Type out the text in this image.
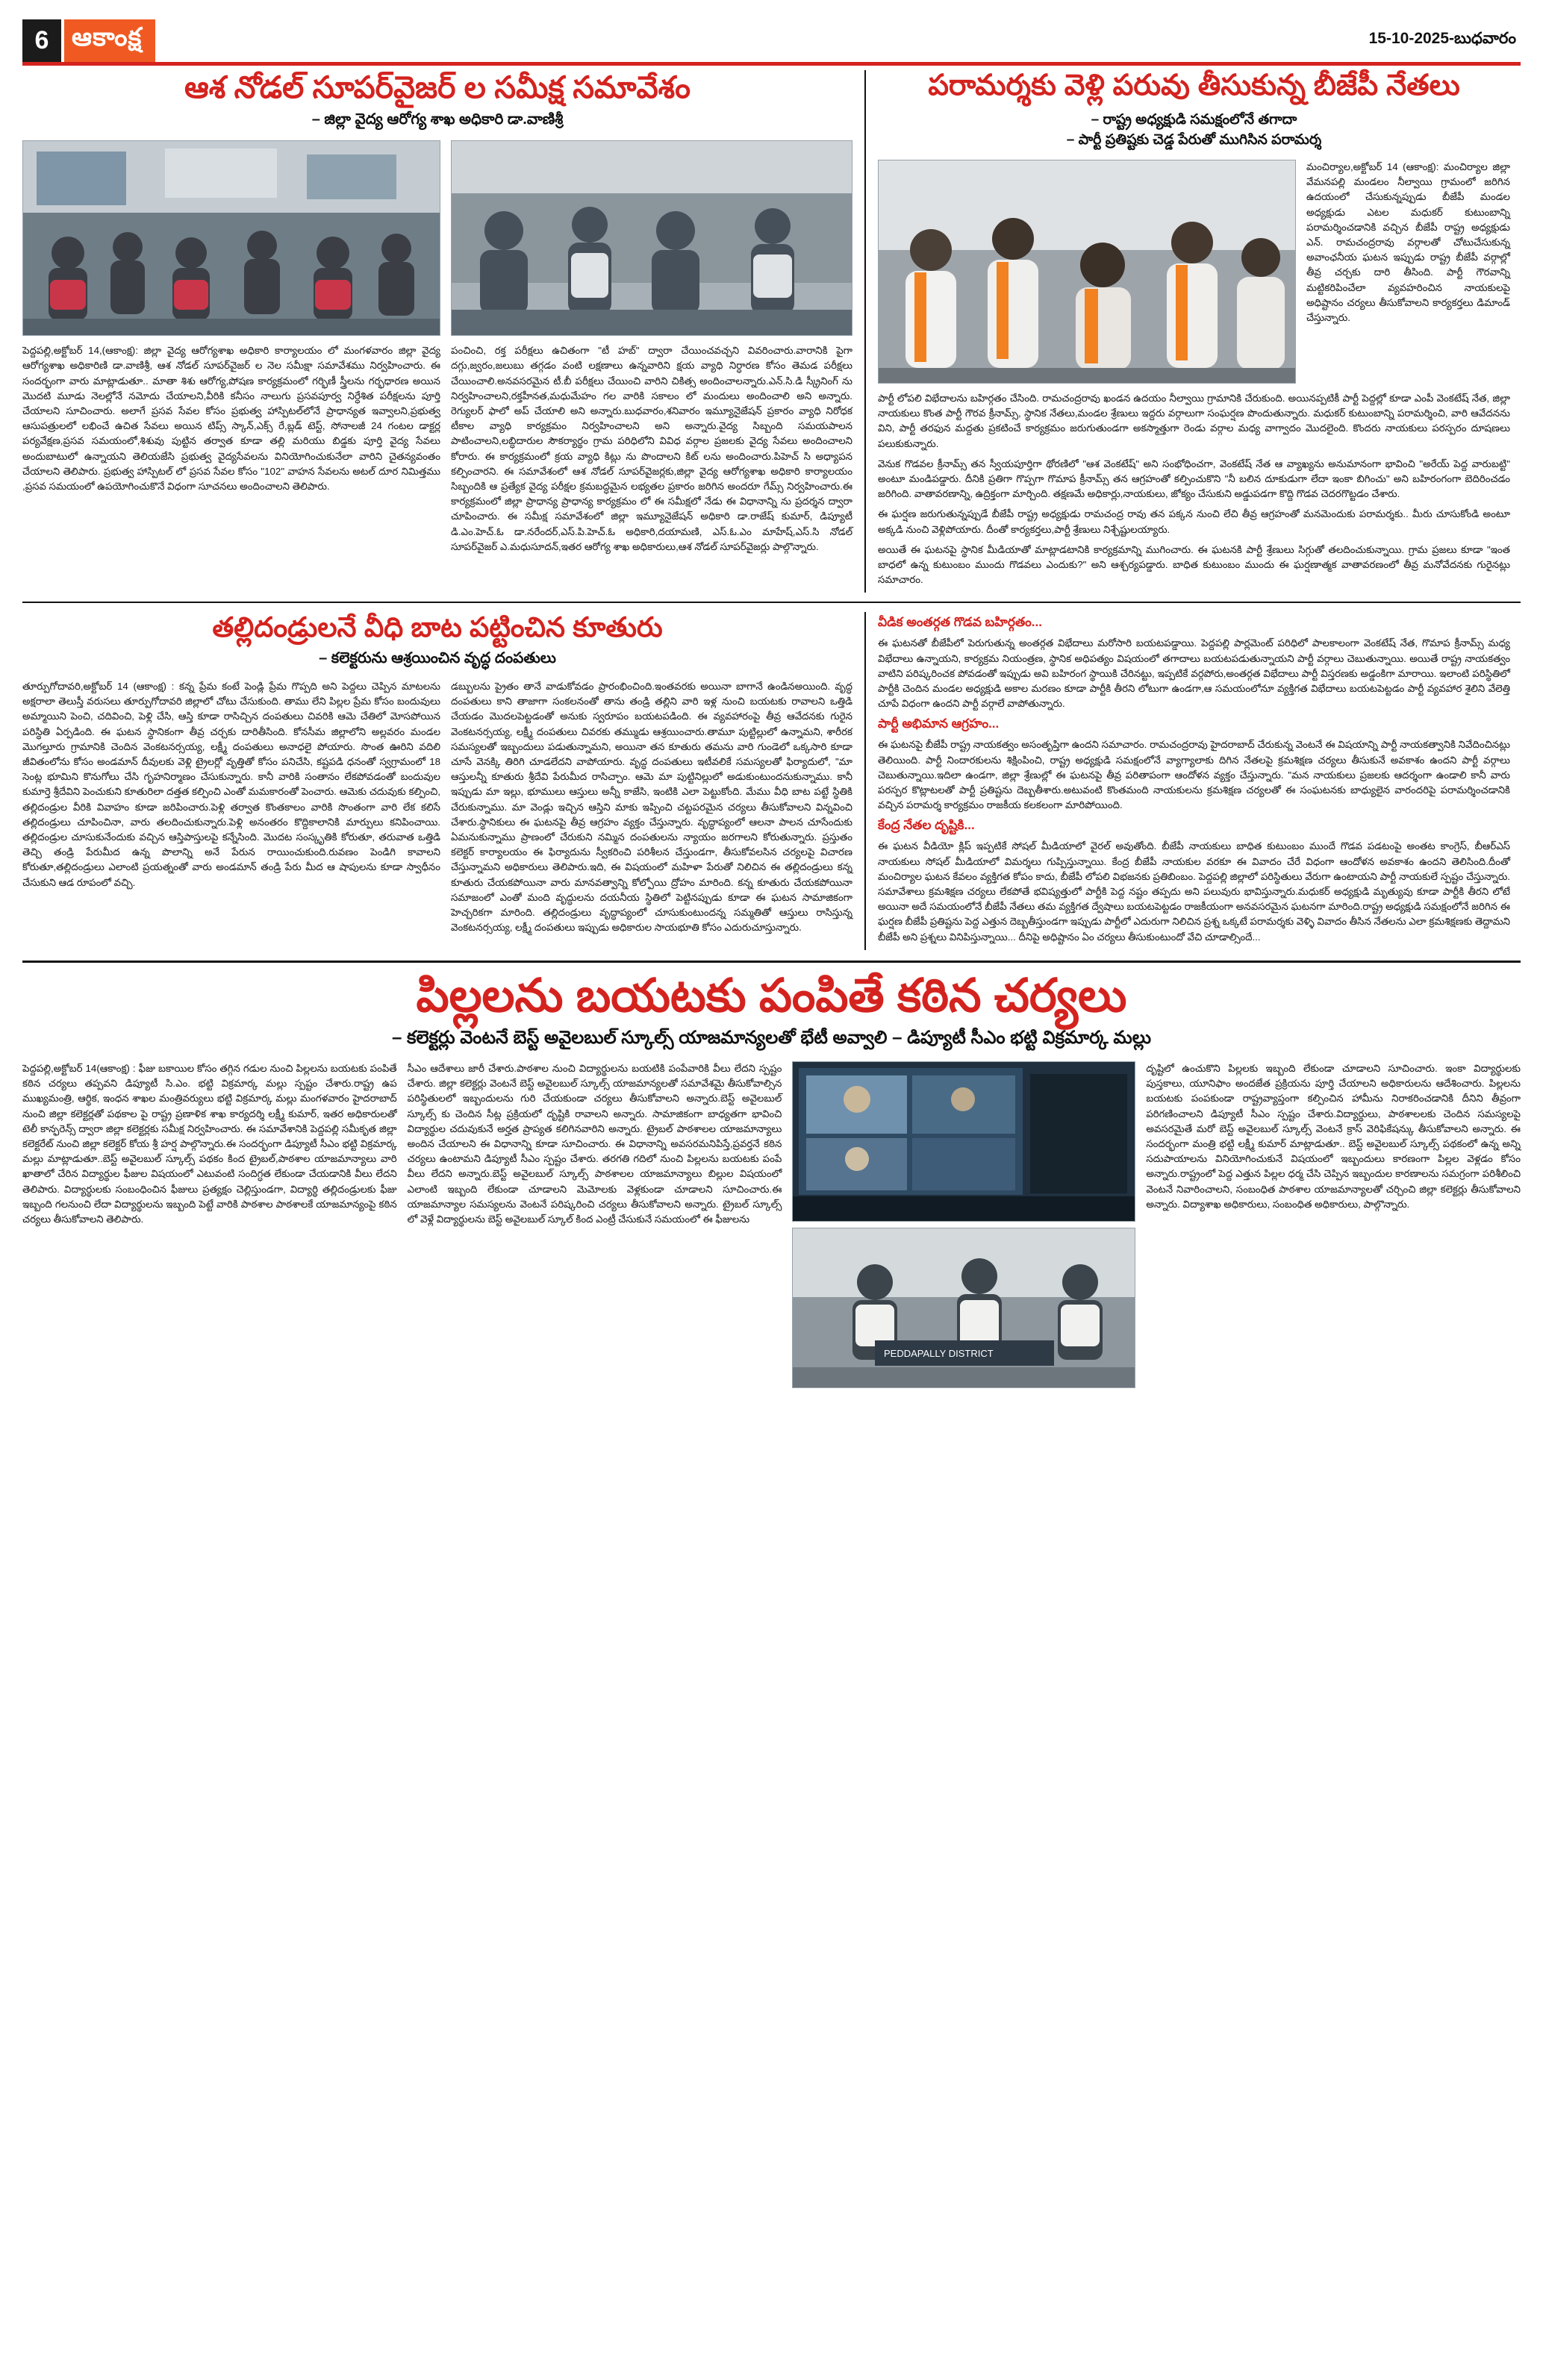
6 ఆకాంక్ష	15-10-2025-బుధవారం
ఆశ నోడల్ సూపర్‌వైజర్ ల సమీక్ష సమావేశం
– జిల్లా వైద్య ఆరోగ్య శాఖ అధికారి డా.వాణిశ్రీ

పెద్దపల్లి,అక్టోబర్ 14,(ఆకాంక్ష): జిల్లా వైద్య ఆరోగ్యశాఖ అధికారి కార్యాలయం లో మంగళవారం జిల్లా వైద్య ఆరోగ్యశాఖ అధికారిణి డా.వాణిశ్రీ, ఆశ నోడల్ సూపర్‌వైజర్ ల నెల సమీక్షా సమావేశము నిర్వహించారు. ఈ సందర్భంగా వారు మాట్లాడుతూ.. మాతా శిశు ఆరోగ్య,పోషణ కార్యక్రమంలో గర్భిణీ స్త్రీలను గర్భధారణ అయిన మొదటి మూడు నెలల్లోనే నమోదు చేయాలని,వీరికి కనీసం నాలుగు ప్రసవపూర్వ నిర్ధేశిత పరీక్షలను పూర్తి చేయాలని సూచించారు. అలాగే ప్రసవ సేవల కోసం ప్రభుత్వ హాస్పిటల్‌లోనే ప్రాధాన్యత ఇవ్వాలని,ప్రభుత్వ ఆసుపత్రులలో లభించే ఉచిత సేవలు అయిన టిప్స్ స్కాన్,ఎక్స్ రే,బ్లడ్ టెస్ట్, సోనాలజీ 24 గంటల డాక్టర్ల పర్యవేక్షణ,ప్రసవ సమయంలో,శిశువు పుట్టిన తర్వాత కూడా తల్లి మరియు బిడ్డకు పూర్తి వైద్య సేవలు అందుబాటులో ఉన్నాయని తెలియజేసి ప్రభుత్వ వైద్యసేవలను వినియోగించుకునేలా వారిని చైతన్యవంతం చేయాలని తెలిపారు. ప్రభుత్వ హాస్పిటల్ లో ప్రసవ సేవల కోసం "102" వాహన సేవలను అటల్ దూర నిమిత్తము ,ప్రసవ సమయంలో ఉపయోగించుకొనే విధంగా సూచనలు అందించాలని తెలిపారు.

పంచించి, రక్త పరీక్షలు ఉచితంగా "టీ హబ్" ద్వారా చేయించవచ్చని వివరించారు.వారానికి పైగా దగ్గు,జ్వరం,జలుబు తగ్గడం వంటి లక్షణాలు ఉన్నవారిని క్షయ వ్యాధి నిర్ధారణ కోసం తెమడ పరీక్షలు చేయించాలి.అనవసరమైన టీ.బీ పరీక్షలు చేయించి వారిని చికిత్స అందించాలన్నారు.ఎన్.సి.డి స్క్రీనింగ్ ను నిర్వహించాలని,రక్తహీనత,మధుమేహం గల వారికి సకాలం లో మందులు అందించాలి అని అన్నారు. రెగ్యులర్ ఫాలో అప్ చేయాలి అని అన్నారు.బుధవారం,శనివారం ఇమ్యూనైజేషన్ ప్రకారం వ్యాధి నిరోధక టీకాల వ్యాధి కార్యక్రమం నిర్వహించాలని అని అన్నారు.వైద్య సిబ్బంది సమయపాలన పాటించాలని,లబ్ధిదారుల సౌకర్యార్థం గ్రామ పరిధిలోని వివిధ వర్గాల ప్రజలకు వైద్య సేవలు అందించాలని కోరారు. ఈ కార్యక్రమంలో క్రయ వ్యాధి కిట్లు ను పొందాలని కిట్ లను అందించారు.పిహెచ్ సి అధ్యాపన కల్పించారని. ఈ సమావేశంలో ఆశ నోడల్ సూపర్‌వైజర్లకు,జిల్లా వైద్య ఆరోగ్యశాఖ అధికారి కార్యాలయం సిబ్బందికి ఆ ప్రత్యేక వైద్య పరీక్షల క్రమబద్ధమైన లభ్యతల ప్రకారం జరిగిన అందరూ గేమ్స్ నిర్వహించారు.ఈ కార్యక్రమంలో జిల్లా ప్రాధాన్య ప్రాధాన్య కార్యక్రమం లో ఈ సమీక్షలో నేడు ఈ విధానాన్ని ను ప్రదర్శన ద్వారా చూపించారు. ఈ సమీక్ష సమావేశంలో జిల్లా ఇమ్యూనైజేషన్ అధికారి డా.రాజేష్ కుమార్, డిప్యూటీ డి.ఎం.హెచ్.ఓ డా.నరేందర్,ఎస్.పి.హెచ్.ఓ అధికారి,దయామణి, ఎస్.ఓ.ఎం మాహేష్,ఎస్.సి నోడల్ సూపర్‌వైజర్ ఎ.మధుసూదన్,ఇతర ఆరోగ్య శాఖ అధికారులు,ఆశ నోడల్ సూపర్‌వైజర్లు పాల్గొన్నారు.

పరామర్శకు వెళ్లి పరువు తీసుకున్న బీజేపీ నేతలు
– రాష్ట్ర అధ్యక్షుడి సమక్షంలోనే తగాదా
– పార్టీ ప్రతిష్టకు చెడ్డ పేరుతో ముగిసిన పరామర్శ

మంచిర్యాల,అక్టోబర్ 14 (ఆకాంక్ష): మంచిర్యాల జిల్లా వేమనపల్లి మండలం నీల్వాయి గ్రామంలో జరిగిన ఉదయంలో చేసుకున్నప్పుడు బీజేపీ మండల అధ్యక్షుడు ఎటల మధుకర్ కుటుంబాన్ని పరామర్శించడానికి వచ్చిన బీజేపీ రాష్ట్ర అధ్యక్షుడు ఎన్. రామచంద్రరావు వర్గాలతో చోటుచేసుకున్న అవాంఛనీయ ఘటన ఇప్పుడు రాష్ట్ర బీజేపీ వర్గాల్లో తీవ్ర చర్చకు దారి తీసింది. పార్టీ గౌరవాన్ని మట్టికరిపించేలా వ్యవహరించిన నాయకులపై అధిష్టానం చర్యలు తీసుకోవాలని కార్యకర్తలు డిమాండ్ చేస్తున్నారు.

పార్టీ లోపలి విభేదాలను బహిర్గతం చేసింది. రామచంద్రరావు ఖండన ఉదయం నీల్వాయి గ్రామానికి చేరుకుంది. అయినప్పటికీ పార్టీ పెద్దల్లో కూడా ఎంపీ వెంకటేష్ నేత, జిల్లా నాయకులు కొంత పార్టీ గౌరవ క్రీనామ్స్, స్థానిక నేతలు,మండల శ్రేణులు ఇద్దరు వర్గాలుగా సంఘర్షణ పొందుతున్నారు. మధుకర్ కుటుంబాన్ని పరామర్శించి, వారి ఆవేదనను విని, పార్టీ తరఫున మద్దతు ప్రకటించే కార్యక్రమం జరుగుతుండగా అకస్మాత్తుగా రెండు వర్గాల మధ్య వాగ్వాదం మొదలైంది. కొందరు నాయకులు పరస్పరం దూషణలు పలుకుకున్నారు.

వెనుక గొడవల క్రీనామ్స్ తన స్వీయపూర్తిగా థోరణిలో "ఆశ వెంకటేష్" అని సంభోధించగా, వెంకటేష్ నేత ఆ వ్యాఖ్యను అనుమానంగా భావించి "అరేయ్ పెద్ద వారుబట్టి" అంటూ మండిపడ్డారు. దీనికి ప్రతిగా గొప్పగా గొమాప క్రీనామ్స్ తన ఆగ్రహంతో కల్పించుకొని "నీ బలిన దూకుడుగా లేదా ఇంకా బిగించు" అని బహిరంగంగా బెదిరించడం జరిగింది. వాతావరణాన్ని, ఉద్రిక్తంగా మార్చింది. తక్షణమే అధికార్లు,నాయకులు, జోక్యం చేసుకుని అడ్డుపడగా కొద్ది గొడవ చెదరగొట్టడం చేశారు.

ఈ ఘర్షణ జరుగుతున్నప్పుడే బీజేపీ రాష్ట్ర అధ్యక్షుడు రామచంద్ర రావు తన పక్కన నుంచి లేచి తీవ్ర ఆగ్రహంతో మనమెందుకు పరామర్శకు.. మీరు చూసుకోండి అంటూ అక్కడి నుంచి వెళ్లిపోయారు. దీంతో కార్యకర్తలు,పార్టీ శ్రేణులు నిశ్చేష్టులయ్యారు.

అయితే ఈ ఘటనపై స్థానిక మీడియాతో మాట్లాడటానికి కార్యక్రమాన్ని ముగించారు. ఈ ఘటనకి పార్టీ శ్రేణులు సిగ్గుతో తలదించుకున్నాయి. గ్రామ ప్రజలు కూడా "ఇంత బాధలో ఉన్న కుటుంబం ముందు గొడవలు ఎందుకు?" అని ఆశ్చర్యపడ్డారు. బాధిత కుటుంబం ముందు ఈ ఘర్షణాత్మక వాతావరణంలో తీవ్ర మనోవేదనకు గురైనట్లు సమాచారం.

తల్లిదండ్రులనే వీధి బాట పట్టించిన కూతురు
– కలెక్టరును ఆశ్రయించిన వృద్ధ దంపతులు

తూర్పుగోదావరి,అక్టోబర్ 14 (ఆకాంక్ష) : కన్న ప్రేమ కంటే పెండ్లి ప్రేమ గొప్పది అని పెద్దలు చెప్పిన మాటలను అక్షరాలా తెలుస్తీ వరుసలు తూర్పుగోదావరి జిల్లాలో చోటు చేసుకుంది. తాము లేని పిల్లల ప్రేమ కోసం బందువులు అమ్మాయిని పెంచి, చదివించి, పెళ్లి చేసి, ఆస్తి కూడా రాసిచ్చిన దంపతులు చివరికి ఆమె చేతిలో మోసపోయిన పరిస్థితి ఏర్పడింది. ఈ ఘటన స్థానికంగా తీవ్ర చర్చకు దారితీసింది. కోనసీమ జిల్లాలోని అల్లవరం మండల మొగల్తూరు గ్రామానికి చెందిన వెంకటనర్సయ్య, లక్ష్మీ దంపతులు అనాధలై పోయారు. సొంత ఊరిని వదిలి జీవితంలోను కోసం అండమాన్ దీవులకు వెళ్లి ట్రైలర్లో వృత్తితో కోసం పనిచేసి, కష్టపడి ధనంతో స్వగ్రామంలో 18 సెంట్ల భూమిని కొనుగోలు చేసి గృహనిర్మాణం చేసుకున్నారు. కానీ వారికి సంతానం లేకపోవడంతో బందువుల కుమార్తె శ్రీదేవిని పెంచుకుని కూతురిలా దత్తత కల్పించి ఎంతో మమకారంతో పెంచారు. ఆమెకు చదువుకు కల్పించి, తల్లిదండ్రుల వీరికి వివాహం కూడా జరిపించారు.పెళ్లి తర్వాత కొంతకాలం వారికి సొంతంగా వారి లేక కలిసే తల్లిదండ్రులు చూపించినా, వారు తలదించుకున్నారు.పెళ్లి అనంతరం కొద్దికాలానికి మార్పులు కనిపించాయి. తల్లిదండ్రుల చూసుకునేందుకు వచ్చిన ఆస్తిపాస్తులపై కన్నేసింది. మొదట సంస్కృతికి కోరుతూ, తరువాత ఒత్తిడి తెచ్చి తండ్రి పేరుమీద ఉన్న పొలాన్ని అనే పేరున రాయించుకుంది.రువణం పెండిగి కావాలని కోరుతూ,తల్లిదండ్రులు ఎలాంటి ప్రయత్నంతో వారు అండమాన్ తండ్రి పేరు మీద ఆ షాపులను కూడా స్వాధీనం చేసుకుని ఆడ రూపంలో వచ్చి.

డబ్బులను ప్రైతం తానే వాడుకోవడం ప్రారంభించింది.ఇంతవరకు అయినా బాగానే ఉండినఅయింది. వృద్ధ దంపతులు కాని తాజాగా సంకలనంతో తాను తండ్రి తల్లిని వారి ఇళ్ల నుంచి బయటకు రావాలని ఒత్తిడి చేయడం మొదలపెట్టడంతో అనుకు స్వరూపం బయటపడింది. ఈ వ్యవహారంపై తీవ్ర ఆవేదనకు గురైన వెంకటనర్సయ్య, లక్ష్మీ దంపతులు చివరకు తమ్ముడు ఆశ్రయించారు.తామూ పుట్టిల్లులో ఉన్నామని, శారీరక సమస్యలతో ఇబ్బందులు పడుతున్నామని, అయినా తన కూతురు తమను వారి గుండెలో ఒక్కసారి కూడా చూసే వెనక్కి తిరిగి చూడలేదని వాపోయారు. వృద్ధ దంపతులు ఇటీవలికే సమస్యలతో ఫిర్యాదులో, "మా ఆస్తులన్నీ కూతురు శ్రీదేవి పేరుమీద రాసిచ్చాం. ఆమె మా పుట్టినిల్లులో అడుకుంటుందనుకున్నాము. కానీ ఇప్పుడు మా ఇల్లు, భూములు ఆస్తులు అన్నీ కాజేసి, ఇంటికి ఎలా పెట్టుకోంది. మేము వీధి బాట పట్టే స్థితికి చేరుకున్నాము. మా వెండ్లు ఇచ్చిన ఆస్తిని మాకు ఇప్పించి చట్టపరమైన చర్యలు తీసుకోవాలని విన్నవించి చేశారు.స్థానికులు ఈ ఘటనపై తీవ్ర ఆగ్రహం వ్యక్తం చేస్తున్నారు. వృద్ధాప్యంలో ఆలనా పాలన చూసేందుకు ఏమనుకున్నాము ప్రాణంలో చేరుకుని నమ్మిన దంపతులను న్యాయం జరగాలని కోరుతున్నారు. ప్రస్తుతం కలెక్టర్ కార్యాలయం ఈ ఫిర్యాదును స్వీకరించి పరిశీలన చేస్తుండగా, తీసుకోవలసిన చర్యలపై విచారణ చేస్తున్నామని అధికారులు తెలిపారు.ఇది, ఈ విషయంలో మహిళా పేరుతో నిలిచిన ఈ తల్లిదండ్రులు కన్న కూతురు చేయకపోయినా వారు మానవత్వాన్ని కోల్పోయి ద్రోహం మారింది. కన్న కూతురు చేయకపోయినా సమాజంలో ఎంతో మంది వృద్ధులను దయనీయ స్థితిలో పెట్టినప్పుడు కూడా ఈ ఘటన సామాజికంగా హెచ్చరికగా మారింది. తల్లిదండ్రులు వృద్ధాప్యంలో చూసుకుంటుందన్న సమ్మతితో ఆస్తులు రాసిస్తున్న వెంకటనర్సయ్య, లక్ష్మీ దంపతులు ఇప్పుడు అధికారుల సాయభూతి కోసం ఎదురుచూస్తున్నారు.

వీడిక అంతర్గత గొడవ బహిర్గతం...

ఈ ఘటనతో బీజేపీలో పెరుగుతున్న అంతర్గత విభేదాలు మరోసారి బయటపడ్డాయి. పెద్దపల్లి పార్లమెంట్ పరిధిలో పాలకాలంగా వెంకటేష్ నేత, గొమాప క్రీనామ్స్ మధ్య విభేదాలు ఉన్నాయని, కార్యక్రమ నియంత్రణ, స్థానిక అధిపత్యం విషయంలో తగాదాలు బయటపడుతున్నాయని పార్టీ వర్గాలు చెబుతున్నాయి. అయితే రాష్ట్ర నాయకత్వం వాటిని పరిష్కరించక పోవడంతో ఇప్పుడు అవి బహిరంగ స్థాయికి చేరినట్టు, ఇప్పటికే వర్గపోరు,అంతర్గత విభేదాలు పార్టీ విస్తరణకు అడ్డంకిగా మారాయి. ఇలాంటి పరిస్థితిలో పార్టీకి చెందిన మండల అధ్యక్షుడి అకాల మరణం కూడా పార్టీకి తీరని లోటుగా ఉండగా,ఆ సమయంలోనూ వ్యక్తిగత విభేదాలు బయటపెట్టడం పార్టీ వ్యవహార శైలిని వేలెత్తి చూపే విధంగా ఉందని పార్టీ వర్గాలే వాపోతున్నారు.

పార్టీ అభిమాన ఆగ్రహం...

ఈ ఘటనపై బీజేపీ రాష్ట్ర నాయకత్వం అసంతృప్తిగా ఉందని సమాచారం. రామచంద్రరావు హైదరాబాద్ చేరుకున్న వెంటనే ఈ విషయాన్ని పార్టీ నాయకత్వానికి నివేదించినట్లు తెలియింది. పార్టీ నిందారకులను శిక్షింపించి, రాష్ట్ర అధ్యక్షుడి సమక్షంలోనే వ్యాగ్యాలాకు దిగిన నేతలపై క్రమశిక్షణ చర్యలు తీసుకునే అవకాశం ఉందని పార్టీ వర్గాలు చెబుతున్నాయి.ఇదిలా ఉండగా, జిల్లా శ్రేణుల్లో ఈ ఘటనపై తీవ్ర పరితాపంగా ఆందోళన వ్యక్తం చేస్తున్నారు. "మన నాయకులు ప్రజలకు ఆదర్శంగా ఉండాలి కానీ వారు పరస్పర కొట్లాటలతో పార్టీ ప్రతిష్టను దెబ్బతీశారు.అటువంటి కొంతమంది నాయకులను క్రమశిక్షణ చర్యలతో ఈ సంఘటనకు బాధ్యులైన వారందరిపై పరామర్శించడానికి వచ్చిన పరామర్శ కార్యక్రమం రాజకీయ కలకలంగా మారిపోయింది.

కేంద్ర నేతల దృష్టికి...

ఈ ఘటన వీడియో క్లిప్ ఇప్పటికే సోషల్ మీడియాలో వైరల్ అవుతోంది. బీజేపీ నాయకులు బాధిత కుటుంబం ముందే గొడవ పడటంపై అంతట కాంగ్రెస్, బీఆర్ఎస్ నాయకులు సోషల్ మీడియాలో విమర్శలు గుప్పిస్తున్నాయి. కేంద్ర బీజేపీ నాయకుల వరకూ ఈ వివాదం చేరే విధంగా ఆందోళన అవకాశం ఉందని తెలిసింది.దీంతో మంచిర్యాల ఘటన కేవలం వ్యక్తిగత కోపం కాదు, బీజేపీ లోపలి విభజనకు ప్రతిబింబం. పెద్దపల్లి జిల్లాలో పరిస్థితులు వేరుగా ఉంటాయని పార్టీ నాయకులే స్పష్టం చేస్తున్నారు. సమావేశాలు క్రమశిక్షణ చర్యలు లేకపోతే భవిష్యత్తులో పార్టీకి పెద్ద నష్టం తప్పదు అని పలువురు భావిస్తున్నారు.మధుకర్ అధ్యక్షుడి మృత్యువు కూడా పార్టీకి తీరని లోటే అయినా అదే సమయంలోనే బీజేపీ నేతలు తమ వ్యక్తిగత ద్వేషాలు బయటపెట్టడం రాజకీయంగా అనవసరమైన ఘటనగా మారింది.రాష్ట్ర అధ్యక్షుడి సమక్షంలోనే జరిగిన ఈ ఘర్షణ బీజేపీ ప్రతిష్టను పెద్ద ఎత్తున దెబ్బతీస్తుండగా ఇప్పుడు పార్టీలో ఎదురుగా నిలిచిన ప్రశ్న ఒక్కటే పరామర్శకు వెళ్ళి వివాదం తీసిన నేతలను ఎలా క్రమశిక్షణకు తెద్దామని బీజేపీ అని ప్రశ్నలు వినిపిస్తున్నాయి... దీనిపై అధిష్టానం ఏం చర్యలు తీసుకుంటుందో వేచి చూడాల్సిందే...

పిల్లలను బయటకు పంపితే కఠిన చర్యలు
– కలెక్టర్లు వెంటనే బెస్ట్ అవైలబుల్ స్కూల్స్ యాజమాన్యలతో భేటీ అవ్వాలి – డిప్యూటీ సీఎం భట్టి విక్రమార్క మల్లు

పెద్దపల్లి,అక్టోబర్ 14(ఆకాంక్ష) : ఫీజు బకాయిల కోసం తగ్గిన గడుల నుంచి పిల్లలను బయటకు పంపితే కఠిన చర్యలు తప్పవని డిప్యూటీ సి.ఎం. భట్టి విక్రమార్క మల్లు స్పష్టం చేశారు.రాష్ట్ర ఉప ముఖ్యమంత్రి, ఆర్థిక, ఇంధన శాఖల మంత్రివర్యులు భట్టి విక్రమార్క మల్లు మంగళవారం హైదరాబాద్ నుంచి జిల్లా కలెక్టర్లతో పథకాల పై రాష్ట్ర ప్రణాళిక శాఖ కార్యదర్శి లక్ష్మీ కుమార్, ఇతర అధికారులతో టెలీ కాన్ఫరెన్స్ ద్వారా జిల్లా కలెక్టర్లకు సమీక్ష నిర్వహించారు. ఈ సమావేశానికి పెద్దపల్లి సమీకృత జిల్లా కలెక్టరేట్ నుంచి జిల్లా కలెక్టర్ కోయ శ్రీ హర్ష పాల్గొన్నారు.ఈ సందర్భంగా డిప్యూటీ సీఎం భట్టి విక్రమార్క మల్లు మాట్లాడుతూ..బెస్ట్ అవైలబుల్ స్కూల్స్ పథకం కింద ట్రైబల్,పాఠశాల యాజమాన్యాలు వారి ఖాతాలో చేరిన విద్యార్థుల ఫీజుల విషయంలో ఎటువంటి సందిగ్ధత లేకుండా చేయడానికి వీలు లేదని తెలిపారు. విద్యార్థులకు సంబంధించిన ఫీజులు ప్రత్యక్షం చెల్లిస్తుండగా, విద్యార్థి తల్లిదండ్రులకు ఫీజు ఇబ్బంది గలనుంచి లేదా విద్యార్థులను ఇబ్బంది పెట్టే వారికి పాఠశాల పాఠశాలకే యాజమాన్యంపై కఠిన చర్యలు తీసుకోవాలని తెలిపారు.

సీఎం ఆదేశాలు జారీ చేశారు.పాఠశాల నుంచి విద్యార్థులను బయటికి పంపేవారికి వీలు లేదని స్పష్టం చేశారు. జిల్లా కలెక్టర్లు వెంటనే బెస్ట్ అవైలబుల్ స్కూల్స్ యాజమాన్యలతో సమావేశమై తీసుకోవాల్సిన పరిస్థితులలో ఇబ్బందులను గురి చేయకుండా చర్యలు తీసుకోవాలని అన్నారు.బెస్ట్ అవైలబుల్ స్కూల్స్ కు చెందిన సీట్ల ప్రక్రియలో దృష్టికి రావాలని అన్నారు. సామాజికంగా బాధ్యతగా భావించి విద్యార్థుల చదువుకునే అర్హత ప్రాప్యత కలిగినవారిని అన్నారు. ట్రైబల్ పాఠశాలల యాజమాన్యాలు అందిన చేయాలని ఈ విధానాన్ని కూడా సూచించారు. ఈ విధానాన్ని అవసరమనిపిస్తే,ప్రవర్తనే కఠిన చర్యలు ఉంటామని డిప్యూటీ సీఎం స్పష్టం చేశారు. తరగతి గదిలో నుంచి పిల్లలను బయటకు పంపే వీలు లేదని అన్నారు.బెస్ట్ అవైలబుల్ స్కూల్స్ పాఠశాలల యాజమాన్యాలు బిల్లుల విషయంలో ఎలాంటి ఇబ్బంది లేకుండా చూడాలని మెమోలకు వెళ్లకుండా చూడాలని సూచించారు.ఈ యాజమాన్యాల సమస్యలను వెంటనే పరిష్కరించి చర్యలు తీసుకోవాలని అన్నారు. ట్రైబల్ స్కూల్స్ లో వెళ్లే విద్యార్థులను బెస్ట్ అవైలబుల్ స్కూల్ కింద ఎంట్రీ చేసుకునే సమయంలో ఈ ఫీజులను

PEDDAPALLY DISTRICT

దృష్టిలో ఉంచుకొని పిల్లలకు ఇబ్బంది లేకుండా చూడాలని సూచించారు. ఇంకా విద్యార్థులకు పుస్తకాలు, యూనిఫాం అందజేత ప్రక్రియను పూర్తి చేయాలని అధికారులను ఆదేశించారు. పిల్లలను బయటకు పంపకుండా రాష్ట్రవ్యాప్తంగా కల్పించిన హామీను నిరాకరించడానికి దీనిని తీవ్రంగా పరిగణించాలని డిప్యూటీ సీఎం స్పష్టం చేశారు.విద్యార్థులు, పాఠశాలలకు చెందిన సమస్యలపై అవసరమైతే మరో బెస్ట్ అవైలబుల్ స్కూల్స్ వెంటనే క్రాస్ వెరిఫికేషన్కు తీసుకోవాలని అన్నారు. ఈ సందర్భంగా మంత్రి భట్టి లక్ష్మీ కుమార్ మాట్లాడుతూ.. బెస్ట్ అవైలబుల్ స్కూల్స్ పథకంలో ఉన్న అన్ని సదుపాయాలను వినియోగించుకునే విషయంలో ఇబ్బందులు కారణంగా పిల్లల వెళ్లడం కోసం అన్నారు.రాష్ట్రంలో పెద్ద ఎత్తున పిల్లల ధర్మ చేసి చెప్పిన ఇబ్బందుల కారణాలను సమగ్రంగా పరిశీలించి వెంటనే నివారించాలని, సంబంధిత పాఠశాల యాజమాన్యాలతో చర్చించి జిల్లా కలెక్టర్లు తీసుకోవాలని అన్నారు. విద్యాశాఖ అధికారులు, సంబంధిత అధికారులు, పాల్గొన్నారు.
